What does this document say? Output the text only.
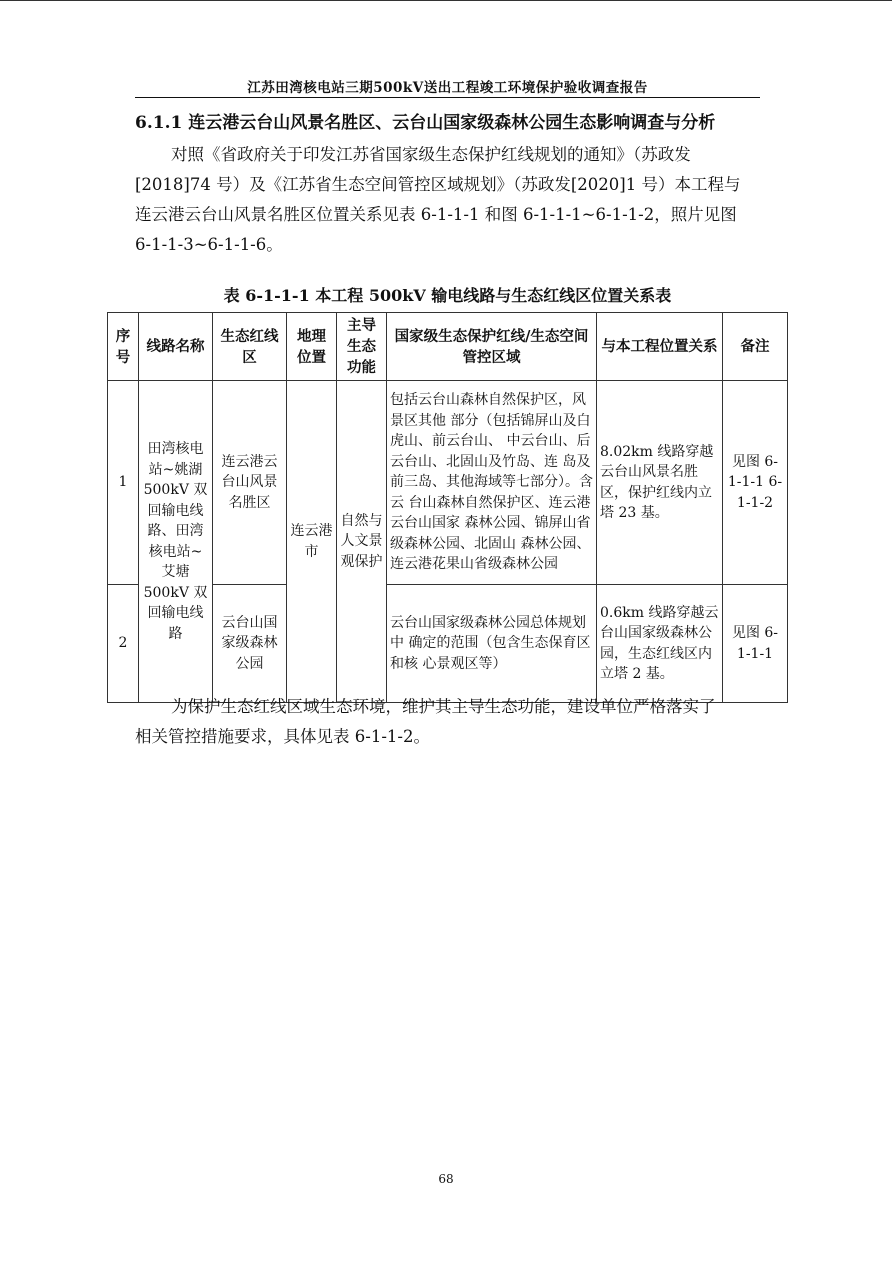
江苏田湾核电站三期500kV送出工程竣工环境保护验收调查报告
6.1.1 连云港云台山风景名胜区、云台山国家级森林公园生态影响调查与分析
对照《省政府关于印发江苏省国家级生态保护红线规划的通知》（苏政发
[2018]74 号）及《江苏省生态空间管控区域规划》（苏政发[2020]1 号）本工程与
连云港云台山风景名胜区位置关系见表 6-1-1-1 和图 6-1-1-1~6-1-1-2，照片见图
6-1-1-3~6-1-1-6。
表 6-1-1-1 本工程 500kV 输电线路与生态红线区位置关系表
序号	线路名称	生态红线区	地理位置	主导生态功能	国家级生态保护红线/生态空间管控区域	与本工程位置关系	备注
1	田湾核电站~姚湖500kV 双回输电线路、田湾核电站~艾塘500kV 双回输电线路	连云港云台山风景名胜区	连云港市	自然与人文景观保护	包括云台山森林自然保护区，风景区其他 部分（包括锦屏山及白虎山、前云台山、 中云台山、后云台山、北固山及竹岛、连 岛及前三岛、其他海域等七部分）。含云 台山森林自然保护区、连云港云台山国家 森林公园、锦屏山省级森林公园、北固山 森林公园、连云港花果山省级森林公园	8.02km 线路穿越云台山风景名胜区，保护红线内立塔 23 基。	见图 6-1-1-1 6-1-1-2
2		云台山国家级森林公园			云台山国家级森林公园总体规划中 确定的范围（包含生态保育区和核 心景观区等）	0.6km 线路穿越云台山国家级森林公园，生态红线区内立塔 2 基。	见图 6-1-1-1
为保护生态红线区域生态环境，维护其主导生态功能，建设单位严格落实了
相关管控措施要求，具体见表 6-1-1-2。
68
